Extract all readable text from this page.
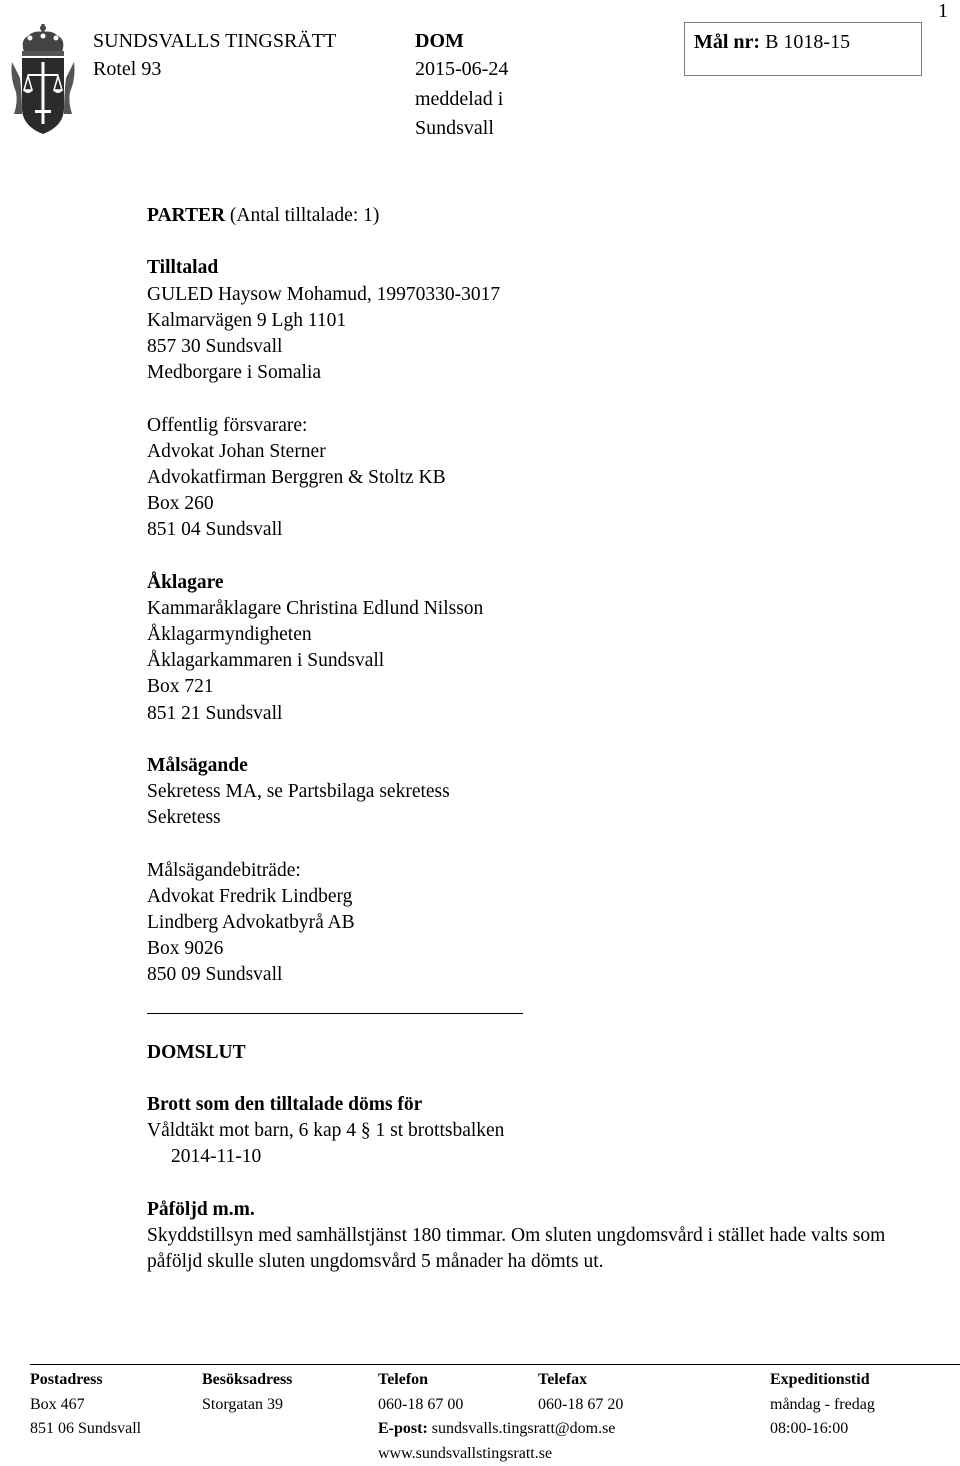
SUNDSVALLS TINGSRÄTT
Rotel 93
DOM
2015-06-24
meddelad i
Sundsvall
1
Mål nr: B 1018-15
PARTER (Antal tilltalade: 1)
Tilltalad
GULED Haysow Mohamud, 19970330-3017
Kalmarvägen 9 Lgh 1101
857 30 Sundsvall
Medborgare i Somalia
Offentlig försvarare:
Advokat Johan Sterner
Advokatfirman Berggren & Stoltz KB
Box 260
851 04 Sundsvall
Åklagare
Kammaråklagare Christina Edlund Nilsson
Åklagarmyndigheten
Åklagarkammaren i Sundsvall
Box 721
851 21 Sundsvall
Målsägande
Sekretess MA, se Partsbilaga sekretess
Sekretess
Målsägandebiträde:
Advokat Fredrik Lindberg
Lindberg Advokatbyrå AB
Box 9026
850 09 Sundsvall
DOMSLUT
Brott som den tilltalade döms för
Våldtäkt mot barn, 6 kap 4 § 1 st brottsbalken
2014-11-10
Påföljd m.m.
Skyddstillsyn med samhällstjänst 180 timmar. Om sluten ungdomsvård i stället hade valts som påföljd skulle sluten ungdomsvård 5 månader ha dömts ut.
Postadress
Box 467
851 06 Sundsvall
Besöksadress
Storgatan 39
Telefon
060-18 67 00
E-post: sundsvalls.tingsratt@dom.se
www.sundsvallstingsratt.se
Telefax
060-18 67 20
Expeditionstid
måndag - fredag
08:00-16:00
